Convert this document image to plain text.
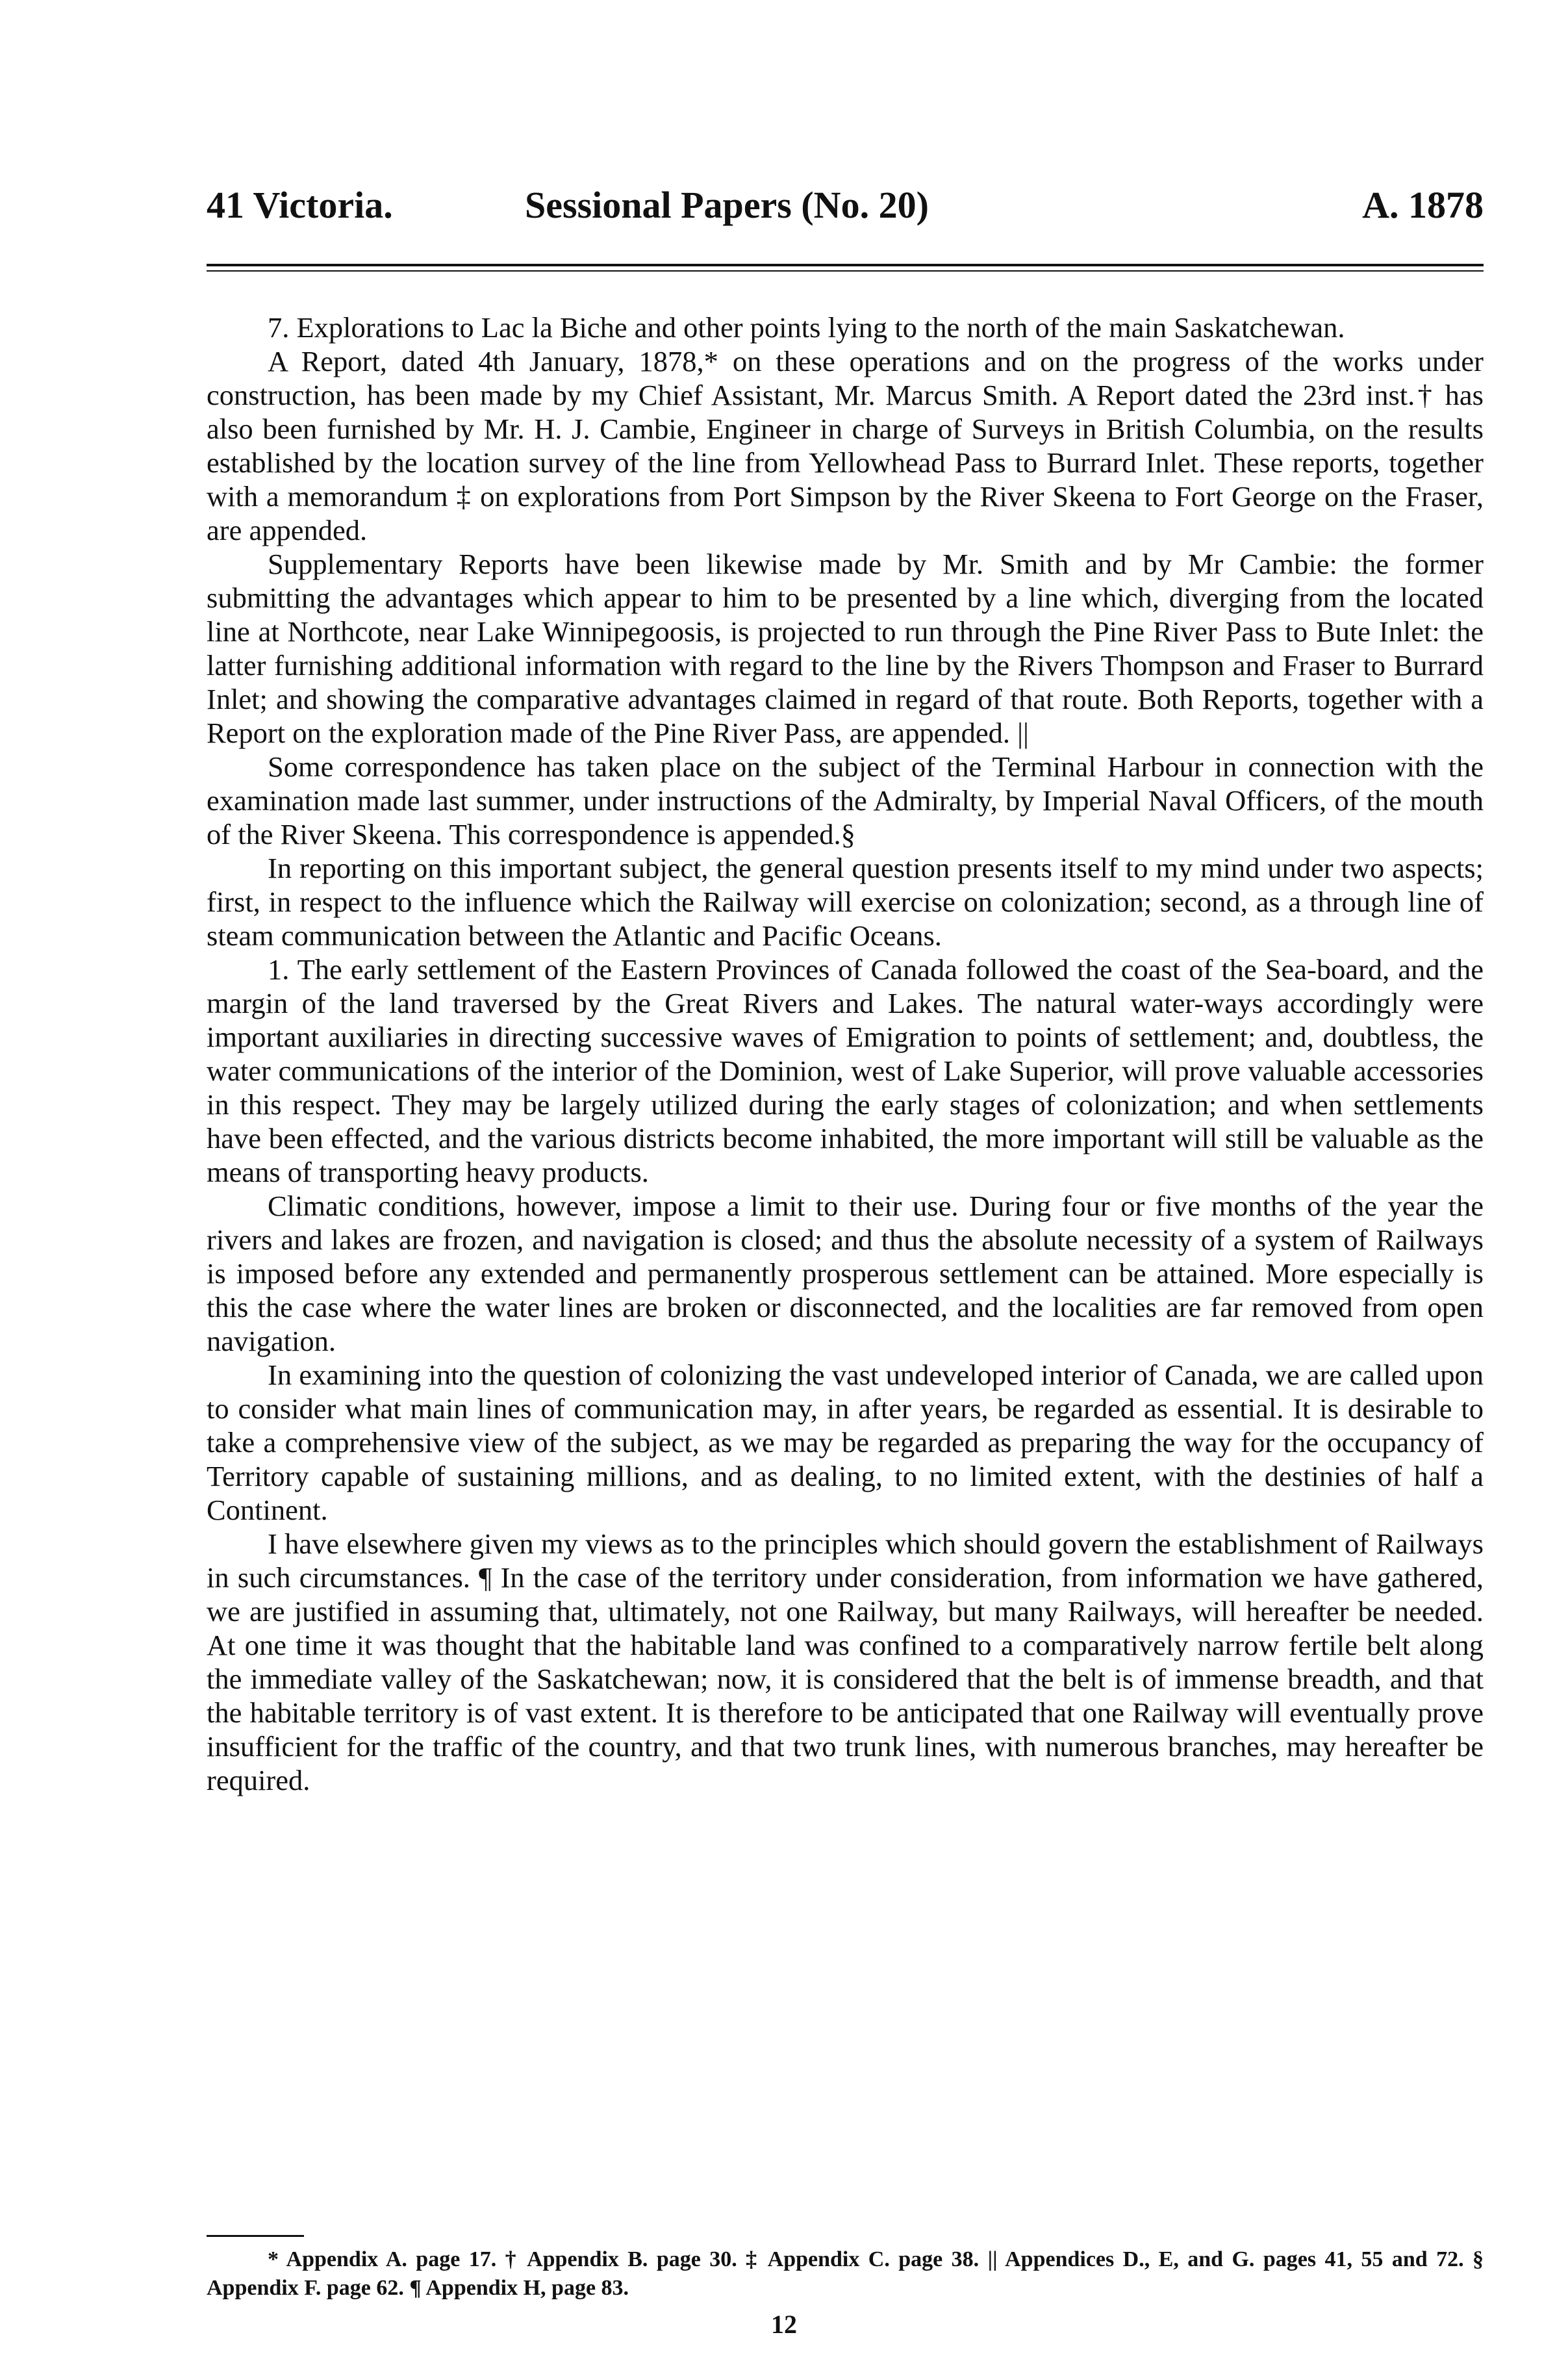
41 Victoria.	Sessional Papers (No. 20)	A. 1878

7. Explorations to Lac la Biche and other points lying to the north of the main Saskatchewan.

A Report, dated 4th January, 1878,* on these operations and on the progress of the works under construction, has been made by my Chief Assistant, Mr. Marcus Smith. A Report dated the 23rd inst.† has also been furnished by Mr. H. J. Cambie, Engineer in charge of Surveys in British Columbia, on the results established by the location survey of the line from Yellowhead Pass to Burrard Inlet. These reports, together with a memorandum ‡ on explorations from Port Simpson by the River Skeena to Fort George on the Fraser, are appended.

Supplementary Reports have been likewise made by Mr. Smith and by Mr Cambie: the former submitting the advantages which appear to him to be presented by a line which, diverging from the located line at Northcote, near Lake Winnipegoosis, is projected to run through the Pine River Pass to Bute Inlet: the latter furnishing additional information with regard to the line by the Rivers Thompson and Fraser to Burrard Inlet; and showing the comparative advantages claimed in regard of that route. Both Reports, together with a Report on the exploration made of the Pine River Pass, are appended. ||

Some correspondence has taken place on the subject of the Terminal Harbour in connection with the examination made last summer, under instructions of the Admiralty, by Imperial Naval Officers, of the mouth of the River Skeena. This correspondence is appended.§

In reporting on this important subject, the general question presents itself to my mind under two aspects; first, in respect to the influence which the Railway will exercise on colonization; second, as a through line of steam communication between the Atlantic and Pacific Oceans.

1. The early settlement of the Eastern Provinces of Canada followed the coast of the Sea-board, and the margin of the land traversed by the Great Rivers and Lakes. The natural water-ways accordingly were important auxiliaries in directing successive waves of Emigration to points of settlement; and, doubtless, the water communications of the interior of the Dominion, west of Lake Superior, will prove valuable accessories in this respect. They may be largely utilized during the early stages of colonization; and when settlements have been effected, and the various districts become inhabited, the more important will still be valuable as the means of transporting heavy products.

Climatic conditions, however, impose a limit to their use. During four or five months of the year the rivers and lakes are frozen, and navigation is closed; and thus the absolute necessity of a system of Railways is imposed before any extended and permanently prosperous settlement can be attained. More especially is this the case where the water lines are broken or disconnected, and the localities are far removed from open navigation.

In examining into the question of colonizing the vast undeveloped interior of Canada, we are called upon to consider what main lines of communication may, in after years, be regarded as essential. It is desirable to take a comprehensive view of the subject, as we may be regarded as preparing the way for the occupancy of Territory capable of sustaining millions, and as dealing, to no limited extent, with the destinies of half a Continent.

I have elsewhere given my views as to the principles which should govern the establishment of Railways in such circumstances. ¶ In the case of the territory under consideration, from information we have gathered, we are justified in assuming that, ultimately, not one Railway, but many Railways, will hereafter be needed. At one time it was thought that the habitable land was confined to a comparatively narrow fertile belt along the immediate valley of the Saskatchewan; now, it is considered that the belt is of immense breadth, and that the habitable territory is of vast extent. It is therefore to be anticipated that one Railway will eventually prove insufficient for the traffic of the country, and that two trunk lines, with numerous branches, may hereafter be required.

* Appendix A. page 17. † Appendix B. page 30. ‡ Appendix C. page 38. || Appendices D., E, and G. pages 41, 55 and 72. § Appendix F. page 62. ¶ Appendix H, page 83.

12
